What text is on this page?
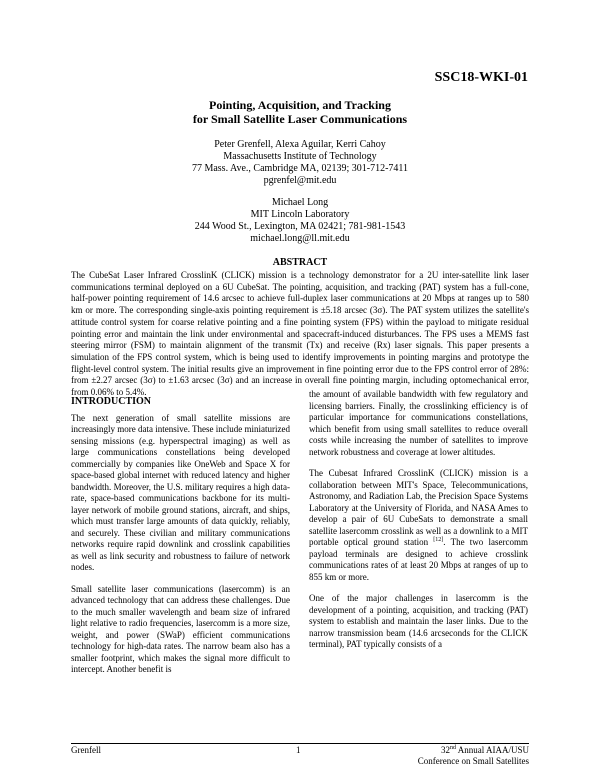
SSC18-WKI-01
Pointing, Acquisition, and Tracking
for Small Satellite Laser Communications
Peter Grenfell, Alexa Aguilar, Kerri Cahoy
Massachusetts Institute of Technology
77 Mass. Ave., Cambridge MA, 02139; 301-712-7411
pgrenfel@mit.edu
Michael Long
MIT Lincoln Laboratory
244 Wood St., Lexington, MA 02421; 781-981-1543
michael.long@ll.mit.edu
ABSTRACT
The CubeSat Laser Infrared CrosslinK (CLICK) mission is a technology demonstrator for a 2U inter-satellite link laser communications terminal deployed on a 6U CubeSat. The pointing, acquisition, and tracking (PAT) system has a full-cone, half-power pointing requirement of 14.6 arcsec to achieve full-duplex laser communications at 20 Mbps at ranges up to 580 km or more. The corresponding single-axis pointing requirement is ±5.18 arcsec (3σ). The PAT system utilizes the satellite's attitude control system for coarse relative pointing and a fine pointing system (FPS) within the payload to mitigate residual pointing error and maintain the link under environmental and spacecraft-induced disturbances. The FPS uses a MEMS fast steering mirror (FSM) to maintain alignment of the transmit (Tx) and receive (Rx) laser signals. This paper presents a simulation of the FPS control system, which is being used to identify improvements in pointing margins and prototype the flight-level control system. The initial results give an improvement in fine pointing error due to the FPS control error of 28%: from ±2.27 arcsec (3σ) to ±1.63 arcsec (3σ) and an increase in overall fine pointing margin, including optomechanical error, from 0.06% to 5.4%.
INTRODUCTION

The next generation of small satellite missions are increasingly more data intensive. These include miniaturized sensing missions (e.g. hyperspectral imaging) as well as large communications constellations being developed commercially by companies like OneWeb and Space X for space-based global internet with reduced latency and higher bandwidth. Moreover, the U.S. military requires a high data-rate, space-based communications backbone for its multi-layer network of mobile ground stations, aircraft, and ships, which must transfer large amounts of data quickly, reliably, and securely. These civilian and military communications networks require rapid downlink and crosslink capabilities as well as link security and robustness to failure of network nodes.

Small satellite laser communications (lasercomm) is an advanced technology that can address these challenges. Due to the much smaller wavelength and beam size of infrared light relative to radio frequencies, lasercomm is a more size, weight, and power (SWaP) efficient communications technology for high-data rates. The narrow beam also has a smaller footprint, which makes the signal more difficult to intercept. Another benefit is

the amount of available bandwidth with few regulatory and licensing barriers. Finally, the crosslinking efficiency is of particular importance for communications constellations, which benefit from using small satellites to reduce overall costs while increasing the number of satellites to improve network robustness and coverage at lower altitudes.

The Cubesat Infrared CrosslinK (CLICK) mission is a collaboration between MIT's Space, Telecommunications, Astronomy, and Radiation Lab, the Precision Space Systems Laboratory at the University of Florida, and NASA Ames to develop a pair of 6U CubeSats to demonstrate a small satellite lasercomm crosslink as well as a downlink to a MIT portable optical ground station [12]. The two lasercomm payload terminals are designed to achieve crosslink communications rates of at least 20 Mbps at ranges of up to 855 km or more.

One of the major challenges in lasercomm is the development of a pointing, acquisition, and tracking (PAT) system to establish and maintain the laser links. Due to the narrow transmission beam (14.6 arcseconds for the CLICK terminal), PAT typically consists of a

Grenfell	1	32nd Annual AIAA/USU
Conference on Small Satellites
